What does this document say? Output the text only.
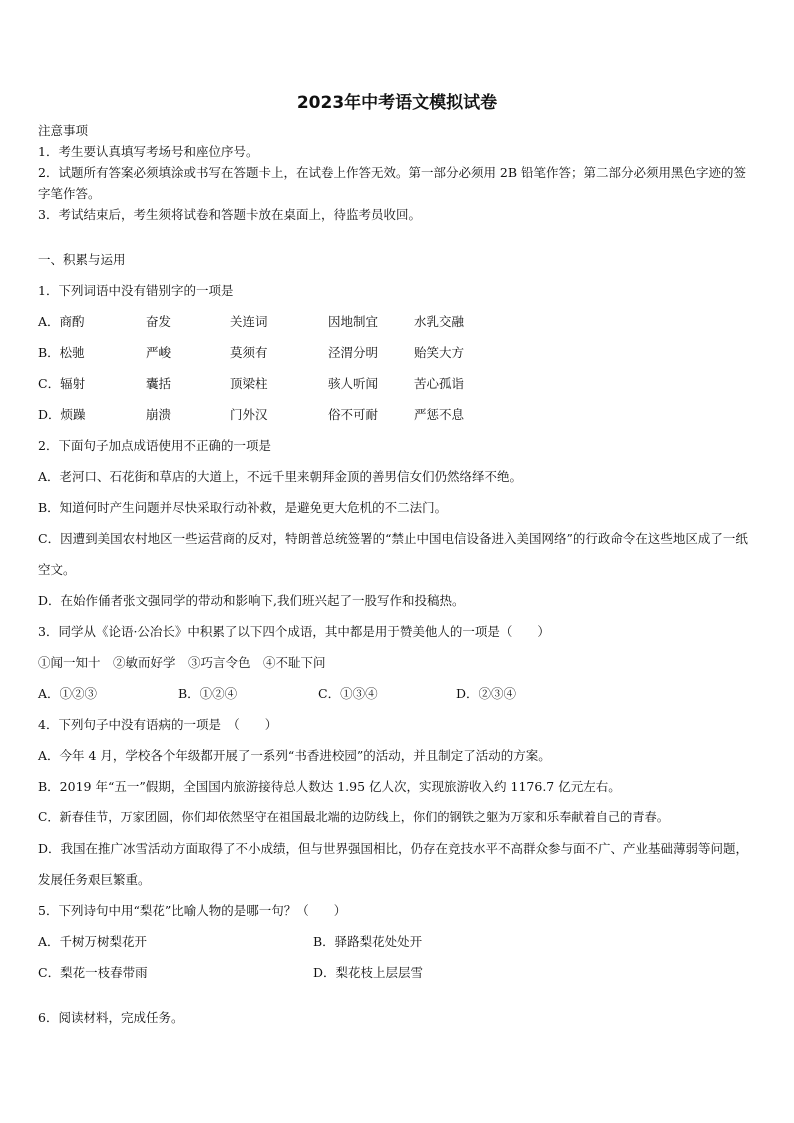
2023年中考语文模拟试卷
注意事项
1．考生要认真填写考场号和座位序号。
2．试题所有答案必须填涂或书写在答题卡上，在试卷上作答无效。第一部分必须用 2B 铅笔作答；第二部分必须用黑色字迹的签字笔作答。
3．考试结束后，考生须将试卷和答题卡放在桌面上，待监考员收回。
一、积累与运用
1．下列词语中没有错别字的一项是
A．商酌	奋发	关连词	因地制宜	水乳交融
B．松驰	严峻	莫须有	泾渭分明	贻笑大方
C．辐射	囊括	顶梁柱	骇人听闻	苦心孤诣
D．烦躁	崩溃	门外汉	俗不可耐	严惩不息
2．下面句子加点成语使用不正确的一项是
A．老河口、石花街和草店的大道上，不远千里来朝拜金顶的善男信女们仍然络绎不绝。
B．知道何时产生问题并尽快采取行动补救，是避免更大危机的不二法门。
C．因遭到美国农村地区一些运营商的反对，特朗普总统签署的“禁止中国电信设备进入美国网络”的行政命令在这些地区成了一纸空文。
D．在始作俑者张文强同学的带动和影响下,我们班兴起了一股写作和投稿热。
3．同学从《论语·公冶长》中积累了以下四个成语，其中都是用于赞美他人的一项是（　　）
①闻一知十　②敏而好学　③巧言令色　④不耻下问
A．①②③	B．①②④	C．①③④	D．②③④
4．下列句子中没有语病的一项是　（　　）
A．今年 4 月，学校各个年级都开展了一系列“书香进校园”的活动，并且制定了活动的方案。
B．2019 年“五一”假期，全国国内旅游接待总人数达 1.95 亿人次，实现旅游收入约 1176.7 亿元左右。
C．新春佳节，万家团圆，你们却依然坚守在祖国最北端的边防线上，你们的钢铁之躯为万家和乐奉献着自己的青春。
D．我国在推广冰雪活动方面取得了不小成绩，但与世界强国相比，仍存在竞技水平不高群众参与面不广、产业基础薄弱等问题，发展任务艰巨繁重。
5．下列诗句中用“梨花”比喻人物的是哪一句？（　　）
A．千树万树梨花开	B．驿路梨花处处开
C．梨花一枝春带雨	D．梨花枝上层层雪
6．阅读材料，完成任务。
